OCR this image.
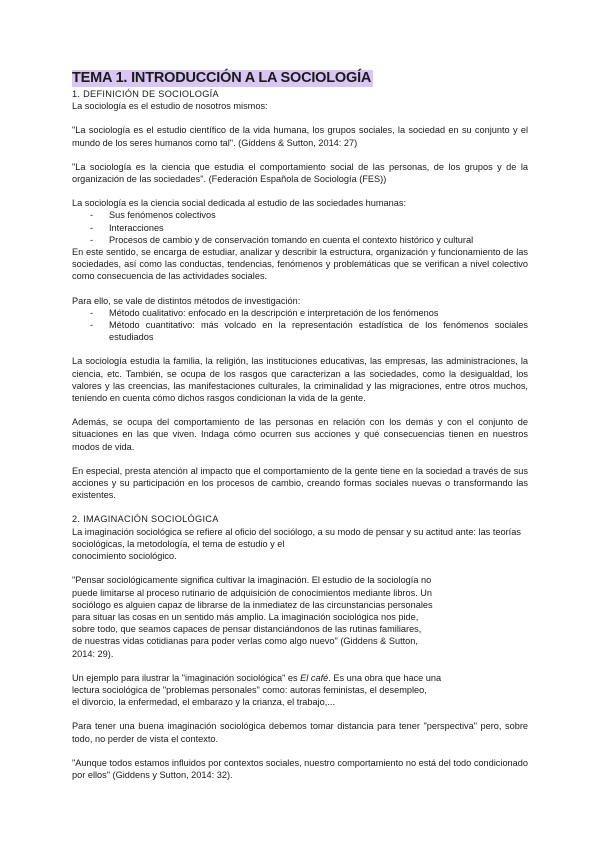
TEMA 1. INTRODUCCIÓN A LA SOCIOLOGÍA
1. DEFINICIÓN DE SOCIOLOGÍA

La sociología es el estudio de nosotros mismos:

"La sociología es el estudio científico de la vida humana, los grupos sociales, la sociedad en su conjunto y el mundo de los seres humanos como tal". (Giddens & Sutton, 2014: 27)

"La sociología es la ciencia que estudia el comportamiento social de las personas, de los grupos y de la organización de las sociedades". (Federación Española de Sociología (FES))

La sociología es la ciencia social dedicada al estudio de las sociedades humanas:

- Sus fenómenos colectivos
- Interacciones
- Procesos de cambio y de conservación tomando en cuenta el contexto histórico y cultural

En este sentido, se encarga de estudiar, analizar y describir la estructura, organización y funcionamiento de las sociedades, así como las conductas, tendencias, fenómenos y problemáticas que se verifican a nivel colectivo como consecuencia de las actividades sociales.

Para ello, se vale de distintos métodos de investigación:

- Método cualitativo: enfocado en la descripción e interpretación de los fenómenos
- Método cuantitativo: más volcado en la representación estadística de los fenómenos sociales estudiados

La sociología estudia la familia, la religión, las instituciones educativas, las empresas, las administraciones, la ciencia, etc. También, se ocupa de los rasgos que caracterizan a las sociedades, como la desigualdad, los valores y las creencias, las manifestaciones culturales, la criminalidad y las migraciones, entre otros muchos, teniendo en cuenta cómo dichos rasgos condicionan la vida de la gente.

Además, se ocupa del comportamiento de las personas en relación con los demás y con el conjunto de situaciones en las que viven. Indaga cómo ocurren sus acciones y qué consecuencias tienen en nuestros modos de vida.

En especial, presta atención al impacto que el comportamiento de la gente tiene en la sociedad a través de sus acciones y su participación en los procesos de cambio, creando formas sociales nuevas o transformando las existentes.

2. IMAGINACIÓN SOCIOLÓGICA

La imaginación sociológica se refiere al oficio del sociólogo, a su modo de pensar y su actitud ante: las teorías

sociológicas, la metodología, el tema de estudio y el

conocimiento sociológico.

"Pensar sociológicamente significa cultivar la imaginación. El estudio de la sociología no

puede limitarse al proceso rutinario de adquisición de conocimientos mediante libros. Un

sociólogo es alguien capaz de librarse de la inmediatez de las circunstancias personales

para situar las cosas en un sentido más amplio. La imaginación sociológica nos pide,

sobre todo, que seamos capaces de pensar distanciándonos de las rutinas familiares,

de nuestras vidas cotidianas para poder verlas como algo nuevo" (Giddens & Sutton,

2014: 29).

Un ejemplo para ilustrar la "imaginación sociológica" es El café. Es una obra que hace una

lectura sociológica de "problemas personales" como: autoras feministas, el desempleo,

el divorcio, la enfermedad, el embarazo y la crianza, el trabajo,...

Para tener una buena imaginación sociológica debemos tomar distancia para tener "perspectiva" pero, sobre todo, no perder de vista el contexto.

"Aunque todos estamos influidos por contextos sociales, nuestro comportamiento no está del todo condicionado por ellos" (Giddens y Sutton, 2014: 32).
